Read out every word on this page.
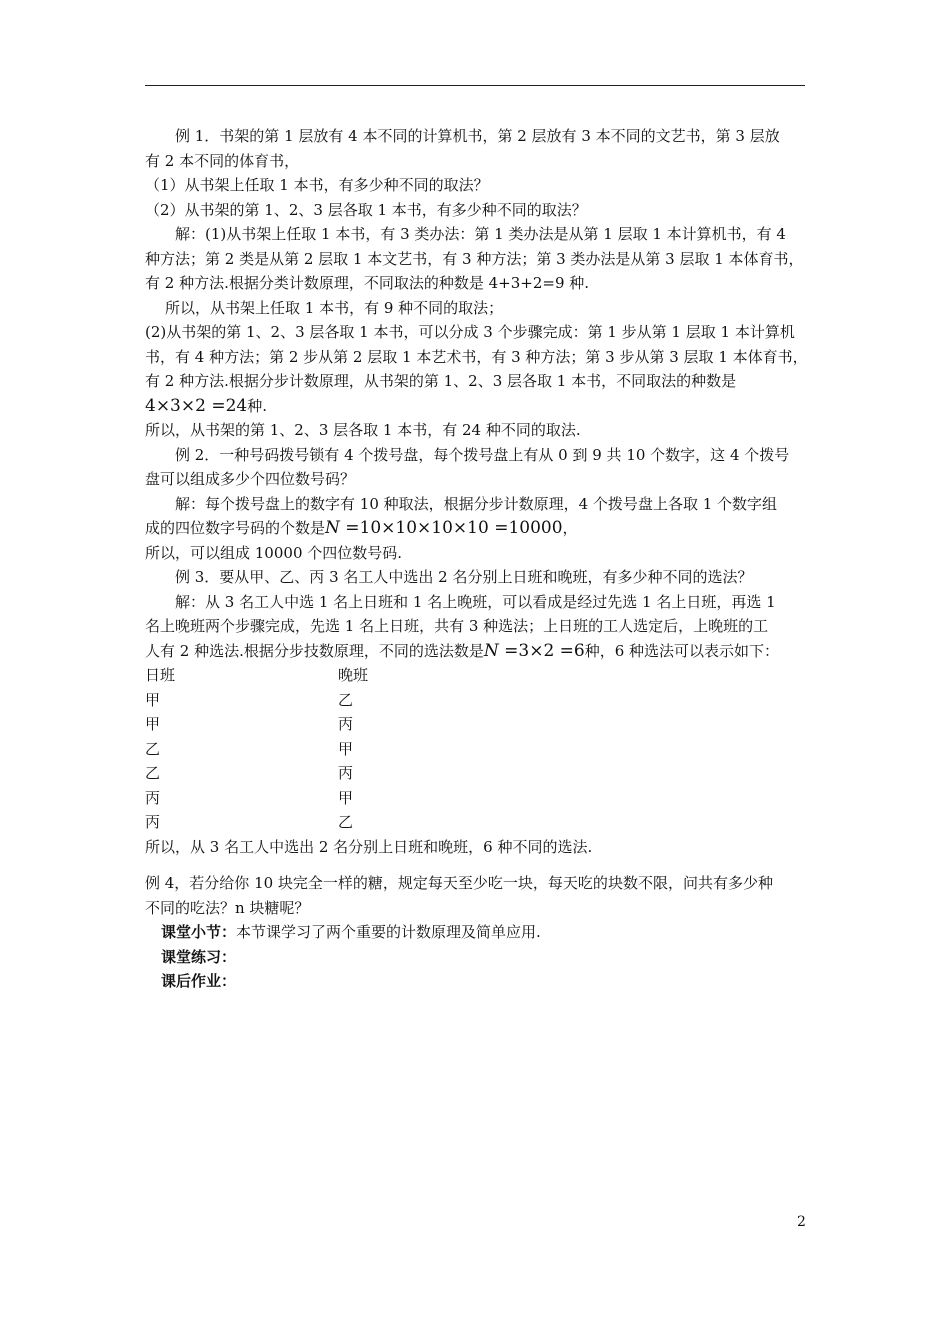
例 1．书架的第 1 层放有 4 本不同的计算机书，第 2 层放有 3 本不同的文艺书，第 3 层放

有 2 本不同的体育书，

（1）从书架上任取 1 本书，有多少种不同的取法？

（2）从书架的第 1、2、3 层各取 1 本书，有多少种不同的取法？

解：(1)从书架上任取 1 本书，有 3 类办法：第 1 类办法是从第 1 层取 1 本计算机书，有 4

种方法；第 2 类是从第 2 层取 1 本文艺书，有 3 种方法；第 3 类办法是从第 3 层取 1 本体育书，

有 2 种方法.根据分类计数原理，不同取法的种数是 4+3+2=9 种.

所以，从书架上任取 1 本书，有 9 种不同的取法；

(2)从书架的第 1、2、3 层各取 1 本书，可以分成 3 个步骤完成：第 1 步从第 1 层取 1 本计算机

书，有 4 种方法；第 2 步从第 2 层取 1 本艺术书，有 3 种方法；第 3 步从第 3 层取 1 本体育书，

有 2 种方法.根据分步计数原理，从书架的第 1、2、3 层各取 1 本书，不同取法的种数是

4×3×2 =24种.

所以，从书架的第 1、2、3 层各取 1 本书，有 24 种不同的取法.

例 2．一种号码拨号锁有 4 个拨号盘，每个拨号盘上有从 0 到 9 共 10 个数字，这 4 个拨号

盘可以组成多少个四位数号码？

解：每个拨号盘上的数字有 10 种取法，根据分步计数原理，4 个拨号盘上各取 1 个数字组

成的四位数字号码的个数是N =10×10×10×10 =10000，

所以，可以组成 10000 个四位数号码.

例 3．要从甲、乙、丙 3 名工人中选出 2 名分别上日班和晚班，有多少种不同的选法？

解：从 3 名工人中选 1 名上日班和 1 名上晚班，可以看成是经过先选 1 名上日班，再选 1

名上晚班两个步骤完成，先选 1 名上日班，共有 3 种选法；上日班的工人选定后，上晚班的工

人有 2 种选法.根据分步技数原理，不同的选法数是N =3×2 =6种，6 种选法可以表示如下：

日班	晚班
甲	乙
甲	丙
乙	甲
乙	丙
丙	甲
丙	乙

所以，从 3 名工人中选出 2 名分别上日班和晚班，6 种不同的选法.

例 4，若分给你 10 块完全一样的糖，规定每天至少吃一块，每天吃的块数不限，问共有多少种

不同的吃法？n 块糖呢？

课堂小节：本节课学习了两个重要的计数原理及简单应用.

课堂练习：

课后作业：

2
